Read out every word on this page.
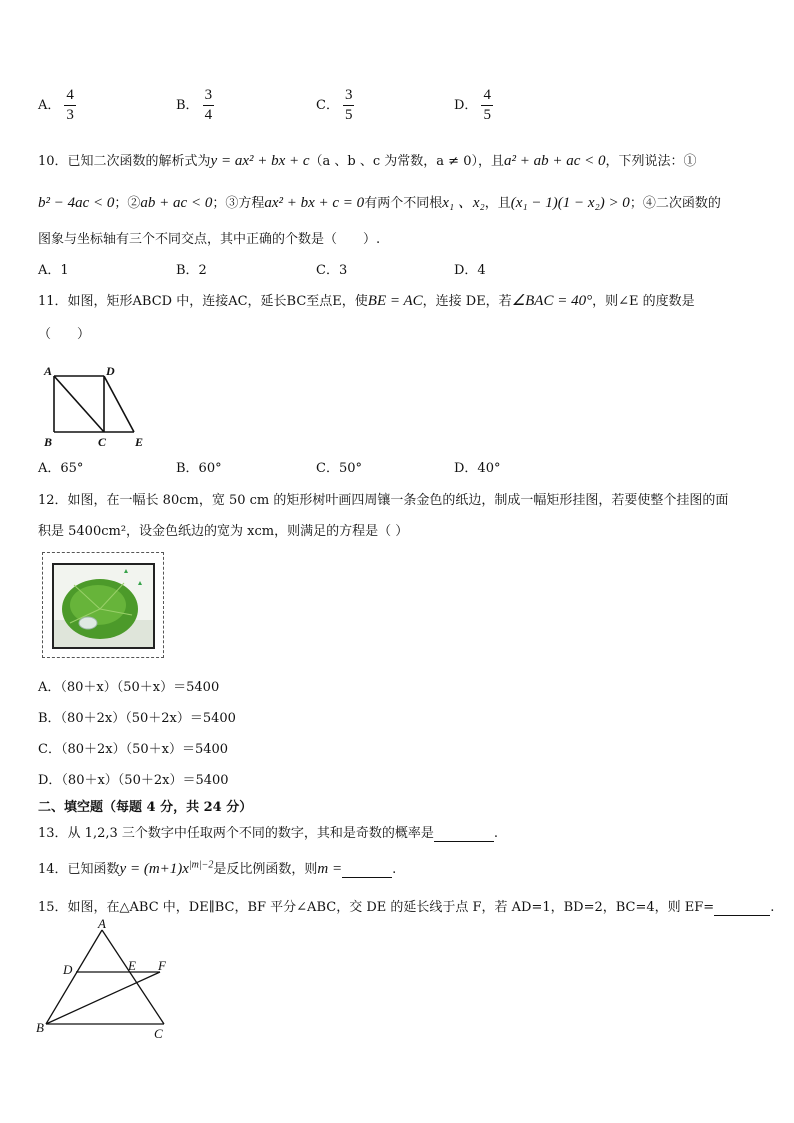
A． $\frac{4}{3}$	B． $\frac{3}{4}$	C． $\frac{3}{5}$	D． $\frac{4}{5}$
10．已知二次函数的解析式为y = ax² + bx + c（a 、b 、c 为常数，a ≠ 0），且a² + ab + ac < 0，下列说法：①
b² − 4ac < 0；②ab + ac < 0；③方程ax² + bx + c = 0有两个不同根x₁ 、x₂，且(x₁ − 1)(1 − x₂) > 0；④二次函数的
图象与坐标轴有三个不同交点，其中正确的个数是（　　）.
A．1	B．2	C．3	D．4
11．如图，矩形ABCD 中，连接AC，延长BC至点E，使BE = AC，连接 DE，若∠BAC = 40°，则∠E 的度数是
（　　）
A	D
B	C E
A．65°	B．60°	C．50°	D．40°
12．如图，在一幅长 80cm，宽 50 cm 的矩形树叶画四周镶一条金色的纸边，制成一幅矩形挂图，若要使整个挂图的面
积是 5400cm²，设金色纸边的宽为 xcm，则满足的方程是（ ）
A．（80＋x）（50＋x）＝5400
B．（80＋2x）（50＋2x）＝5400
C．（80＋2x）（50＋x）＝5400
D．（80＋x）（50＋2x）＝5400
二、填空题（每题 4 分，共 24 分）
13．从 1,2,3 三个数字中任取两个不同的数字，其和是奇数的概率是	.
14．已知函数$y = (m+1)x^{|m|-2}$是反比例函数，则m =	.
15．如图，在△ABC 中，DE∥BC，BF 平分∠ABC，交 DE 的延长线于点 F，若 AD=1，BD=2，BC=4，则 EF=	.
A
D	E F
B	C
